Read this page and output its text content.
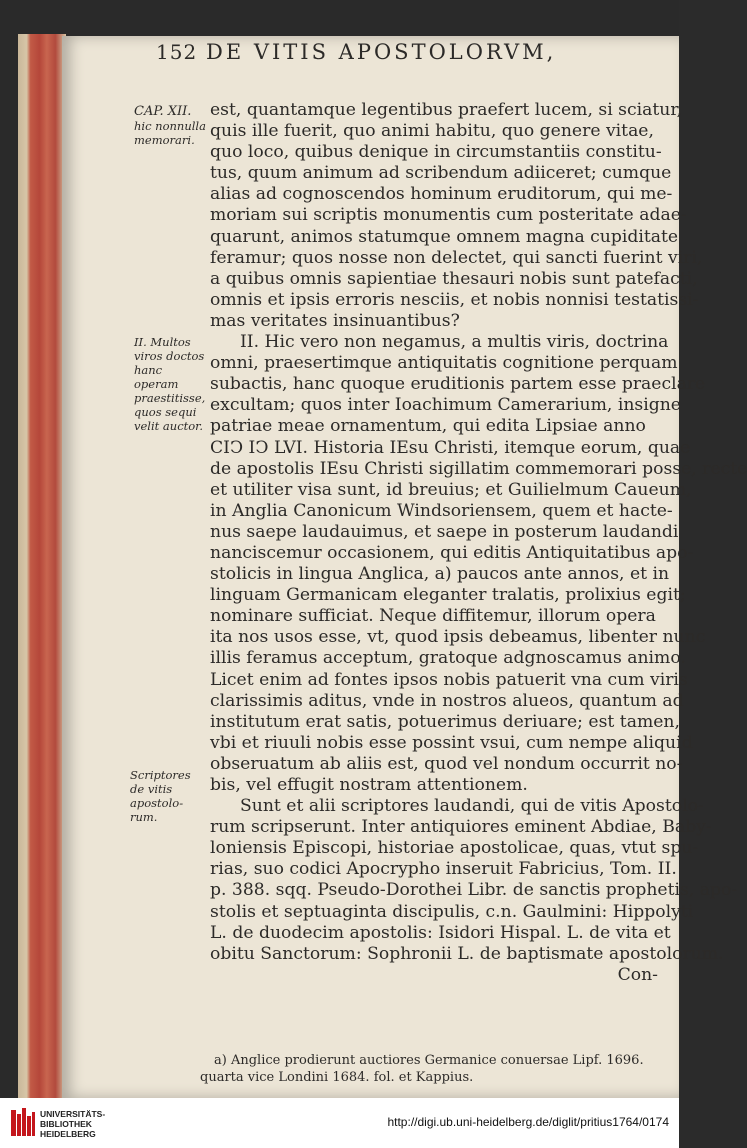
152 DE VITIS APOSTOLORVM,
CAP. XII.
hic nonnulla
memorari.
II. Multos
viros doctos
hanc operam
praestitisse,
quos sequi
velit auctor.
Scriptores
de vitis
apostolo-
rum.
est, quantamque legentibus praefert lucem, si sciatur,
quis ille fuerit, quo animi habitu, quo genere vitae,
quo loco, quibus denique in circumstantiis constitu-
tus, quum animum ad scribendum adiiceret; cumque
alias ad cognoscendos hominum eruditorum, qui me-
moriam sui scriptis monumentis cum posteritate adae-
quarunt, animos statumque omnem magna cupiditate
feramur; quos nosse non delectet, qui sancti fuerint viri,
a quibus omnis sapientiae thesauri nobis sunt patefacti,
omnis et ipsis erroris nesciis, et nobis nonnisi testatissi-
mas veritates insinuantibus?
II. Hic vero non negamus, a multis viris, doctrina
omni, praesertimque antiquitatis cognitione perquam
subactis, hanc quoque eruditionis partem esse praeclare
excultam; quos inter Ioachimum Camerarium, insigne
patriae meae ornamentum, qui edita Lipsiae anno
CIↃ IↃ LVI. Historia IEsu Christi, itemque eorum, quae
de apostolis IEsu Christi sigillatim commemorari posse, recte
et utiliter visa sunt, id breuius; et Guilielmum Caueum,
in Anglia Canonicum Windsoriensem, quem et hacte-
nus saepe laudauimus, et saepe in posterum laudandi
nanciscemur occasionem, qui editis Antiquitatibus apo-
stolicis in lingua Anglica, a) paucos ante annos, et in
linguam Germanicam eleganter tralatis, prolixius egit;
nominare sufficiat. Neque diffitemur, illorum opera
ita nos usos esse, vt, quod ipsis debeamus, libenter nunc
illis feramus acceptum, gratoque adgnoscamus animo.
Licet enim ad fontes ipsos nobis patuerit vna cum viris
clarissimis aditus, vnde in nostros alueos, quantum ad
institutum erat satis, potuerimus deriuare; est tamen,
vbi et riuuli nobis esse possint vsui, cum nempe aliquid
obseruatum ab aliis est, quod vel nondum occurrit no-
bis, vel effugit nostram attentionem.
Sunt et alii scriptores laudandi, qui de vitis Apostolo-
rum scripserunt. Inter antiquiores eminent Abdiae, Baby-
loniensis Episcopi, historiae apostolicae, quas, vtut spu-
rias, suo codici Apocrypho inseruit Fabricius, Tom. II.
p. 388. sqq. Pseudo-Dorothei Libr. de sanctis prophetis, apo-
stolis et septuaginta discipulis, c.n. Gaulmini: Hippolyti
L. de duodecim apostolis: Isidori Hispal. L. de vita et
obitu Sanctorum: Sophronii L. de baptismate apostolorum.
Con-
a) Anglice prodierunt auctiores Germanice conuersae Lipf. 1696.
quarta vice Londini 1684. fol. et Kappius.
UNIVERSITÄTS-
BIBLIOTHEK
HEIDELBERG
http://digi.ub.uni-heidelberg.de/diglit/pritius1764/0174
